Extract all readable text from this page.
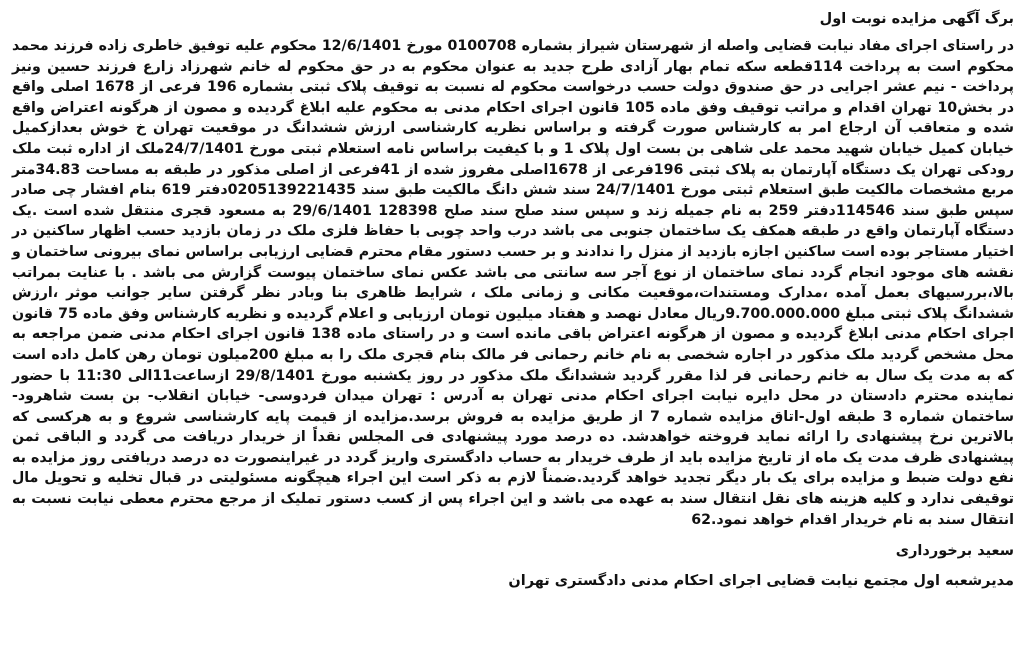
برگ آگهی مزایده نوبت اول

در راستای اجرای مفاد نیابت قضایی واصله از شهرستان شیراز بشماره 0100708 مورخ 12/6/1401 محکوم علیه توفیق خاطری زاده فرزند محمد محکوم است به پرداخت 114قطعه سکه تمام بهار آزادی طرح جدید به عنوان محکوم به در حق محکوم له خانم شهرزاد زارع فرزند حسین ونیز پرداخت - نیم عشر اجرایی در حق صندوق دولت حسب درخواست محکوم له نسبت به توقیف پلاک ثبتی بشماره 196 فرعی از 1678 اصلی واقع در بخش10 تهران اقدام و مراتب توقیف وفق ماده 105 قانون اجرای احکام مدنی به محکوم علیه ابلاغ گردیده و مصون از هرگونه اعتراض واقع شده و متعاقب آن ارجاع امر به کارشناس صورت گرفته و براساس نظریه کارشناسی ارزش ششدانگ در موقعیت تهران خ خوش بعدازکمیل خیابان کمیل خیابان شهید محمد علی شاهی بن بست اول پلاک 1 و با کیفیت براساس نامه استعلام ثبتی مورخ 24/7/1401ملک از اداره ثبت ملک رودکی تهران یک دستگاه آپارتمان به پلاک ثبتی 196فرعی از 1678اصلی مفروز شده از 41فرعی از اصلی مذکور در طبقه به مساحت 34.83متر مربع مشخصات مالکیت طبق استعلام ثبتی مورخ 24/7/1401 سند شش دانگ مالکیت طبق سند 0205139221435دفتر 619 بنام افشار چی صادر سپس طبق سند 114546دفتر 259 به نام جمیله زند و سپس سند صلح سند صلح 128398 29/6/1401 به مسعود قجری منتقل شده است .یک دستگاه آپارتمان واقع در طبقه همکف یک ساختمان جنوبی می باشد درب واحد چوبی با حفاظ فلزی ملک در زمان بازدید حسب اظهار ساکنین در اختیار مستاجر بوده است ساکنین اجازه بازدید از منزل را ندادند و بر حسب دستور مقام محترم قضایی ارزیابی براساس نمای بیرونی ساختمان و نقشه های موجود انجام گردد نمای ساختمان از نوع آجر سه سانتی می باشد عکس نمای ساختمان پیوست گزارش می باشد . با عنایت بمراتب بالا،بررسیهای بعمل آمده ،مدارک ومستندات،موقعیت مکانی و زمانی ملک ، شرایط ظاهری بنا وبادر نظر گرفتن سایر جوانب موثر ،ارزش ششدانگ پلاک ثبتی مبلغ 9.700.000.000ریال معادل نهصد و هفتاد میلیون تومان ارزیابی و اعلام گردیده و نظریه کارشناس وفق ماده 75 قانون اجرای احکام مدنی ابلاغ گردیده و مصون از هرگونه اعتراض باقی مانده است و در راستای ماده 138 قانون اجرای احکام مدنی ضمن مراجعه به محل مشخص گردید ملک مذکور در اجاره شخصی به نام خانم رحمانی فر مالک بنام قجری ملک را به مبلغ 200میلون تومان رهن کامل داده است که به مدت یک سال به خانم رحمانی فر لذا مقرر گردید ششدانگ ملک مذکور در روز یکشنبه مورخ 29/8/1401 ازساعت11الی 11:30 با حضور نماینده محترم دادستان در محل دایره نیابت اجرای احکام مدنی تهران به آدرس : تهران میدان فردوسی- خیابان انقلاب- بن بست شاهرود- ساختمان شماره 3 طبقه اول-اتاق مزایده شماره 7 از طریق مزایده به فروش برسد.مزایده از قیمت پایه کارشناسی شروع و به هرکسی که بالاترین نرخ پیشنهادی را ارائه نماید فروخته خواهدشد. ده درصد مورد پیشنهادی فی المجلس نقداً از خریدار دریافت می گردد و الباقی ثمن پیشنهادی ظرف مدت یک ماه از تاریخ مزایده باید از طرف خریدار به حساب دادگستری واریز گردد در غیراینصورت ده درصد دریافتی روز مزایده به نفع دولت ضبط و مزایده برای یک بار دیگر تجدید خواهد گردید.ضمناً لازم به ذکر است این اجراء هیچگونه مسئولیتی در قبال تخلیه و تحویل مال توقیفی ندارد و کلیه هزینه های نقل انتقال سند به عهده می باشد و این اجراء پس از کسب دستور تملیک از مرجع محترم معطی نیابت نسبت به انتقال سند به نام خریدار اقدام خواهد نمود.62

سعید برخورداری
مدیرشعبه اول مجتمع نیابت قضایی اجرای احکام مدنی دادگستری تهران
